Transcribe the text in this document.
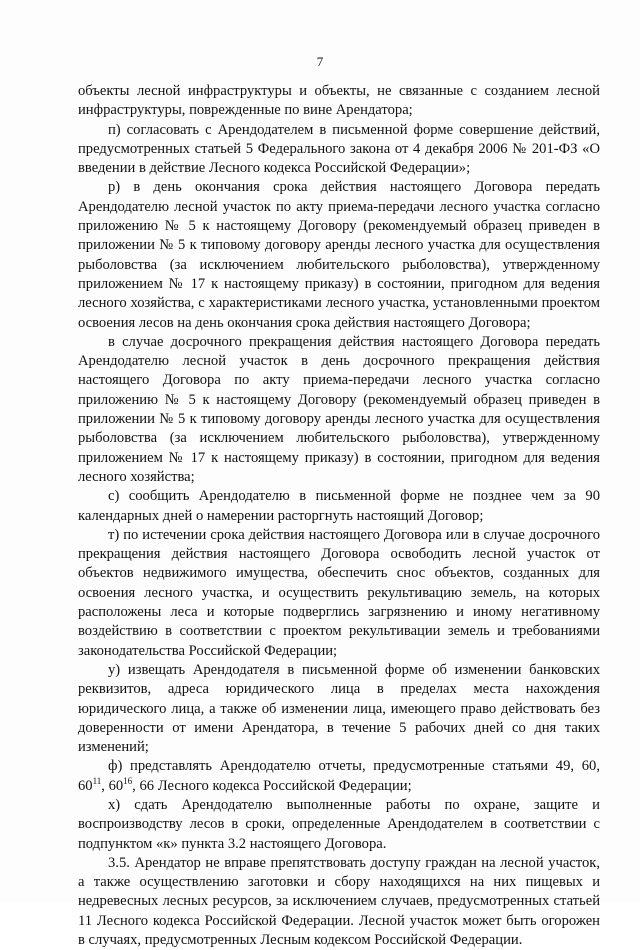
7

объекты лесной инфраструктуры и объекты, не связанные с созданием лесной инфраструктуры, поврежденные по вине Арендатора;

п) согласовать с Арендодателем в письменной форме совершение действий, предусмотренных статьей 5 Федерального закона от 4 декабря 2006 № 201-ФЗ «О введении в действие Лесного кодекса Российской Федерации»;

р) в день окончания срока действия настоящего Договора передать Арендодателю лесной участок по акту приема-передачи лесного участка согласно приложению № 5 к настоящему Договору (рекомендуемый образец приведен в приложении № 5 к типовому договору аренды лесного участка для осуществления рыболовства (за исключением любительского рыболовства), утвержденному приложением № 17 к настоящему приказу) в состоянии, пригодном для ведения лесного хозяйства, с характеристиками лесного участка, установленными проектом освоения лесов на день окончания срока действия настоящего Договора;

в случае досрочного прекращения действия настоящего Договора передать Арендодателю лесной участок в день досрочного прекращения действия настоящего Договора по акту приема-передачи лесного участка согласно приложению № 5 к настоящему Договору (рекомендуемый образец приведен в приложении № 5 к типовому договору аренды лесного участка для осуществления рыболовства (за исключением любительского рыболовства), утвержденному приложением № 17 к настоящему приказу) в состоянии, пригодном для ведения лесного хозяйства;

с) сообщить Арендодателю в письменной форме не позднее чем за 90 календарных дней о намерении расторгнуть настоящий Договор;

т) по истечении срока действия настоящего Договора или в случае досрочного прекращения действия настоящего Договора освободить лесной участок от объектов недвижимого имущества, обеспечить снос объектов, созданных для освоения лесного участка, и осуществить рекультивацию земель, на которых расположены леса и которые подверглись загрязнению и иному негативному воздействию в соответствии с проектом рекультивации земель и требованиями законодательства Российской Федерации;

у) извещать Арендодателя в письменной форме об изменении банковских реквизитов, адреса юридического лица в пределах места нахождения юридического лица, а также об изменении лица, имеющего право действовать без доверенности от имени Арендатора, в течение 5 рабочих дней со дня таких изменений;

ф) представлять Арендодателю отчеты, предусмотренные статьями 49, 60, $60^{11}$, $60^{16}$, 66 Лесного кодекса Российской Федерации;

х) сдать Арендодателю выполненные работы по охране, защите и воспроизводству лесов в сроки, определенные Арендодателем в соответствии с подпунктом «к» пункта 3.2 настоящего Договора.

3.5. Арендатор не вправе препятствовать доступу граждан на лесной участок, а также осуществлению заготовки и сбору находящихся на них пищевых и недревесных лесных ресурсов, за исключением случаев, предусмотренных статьей 11 Лесного кодекса Российской Федерации. Лесной участок может быть огорожен в случаях, предусмотренных Лесным кодексом Российской Федерации.
